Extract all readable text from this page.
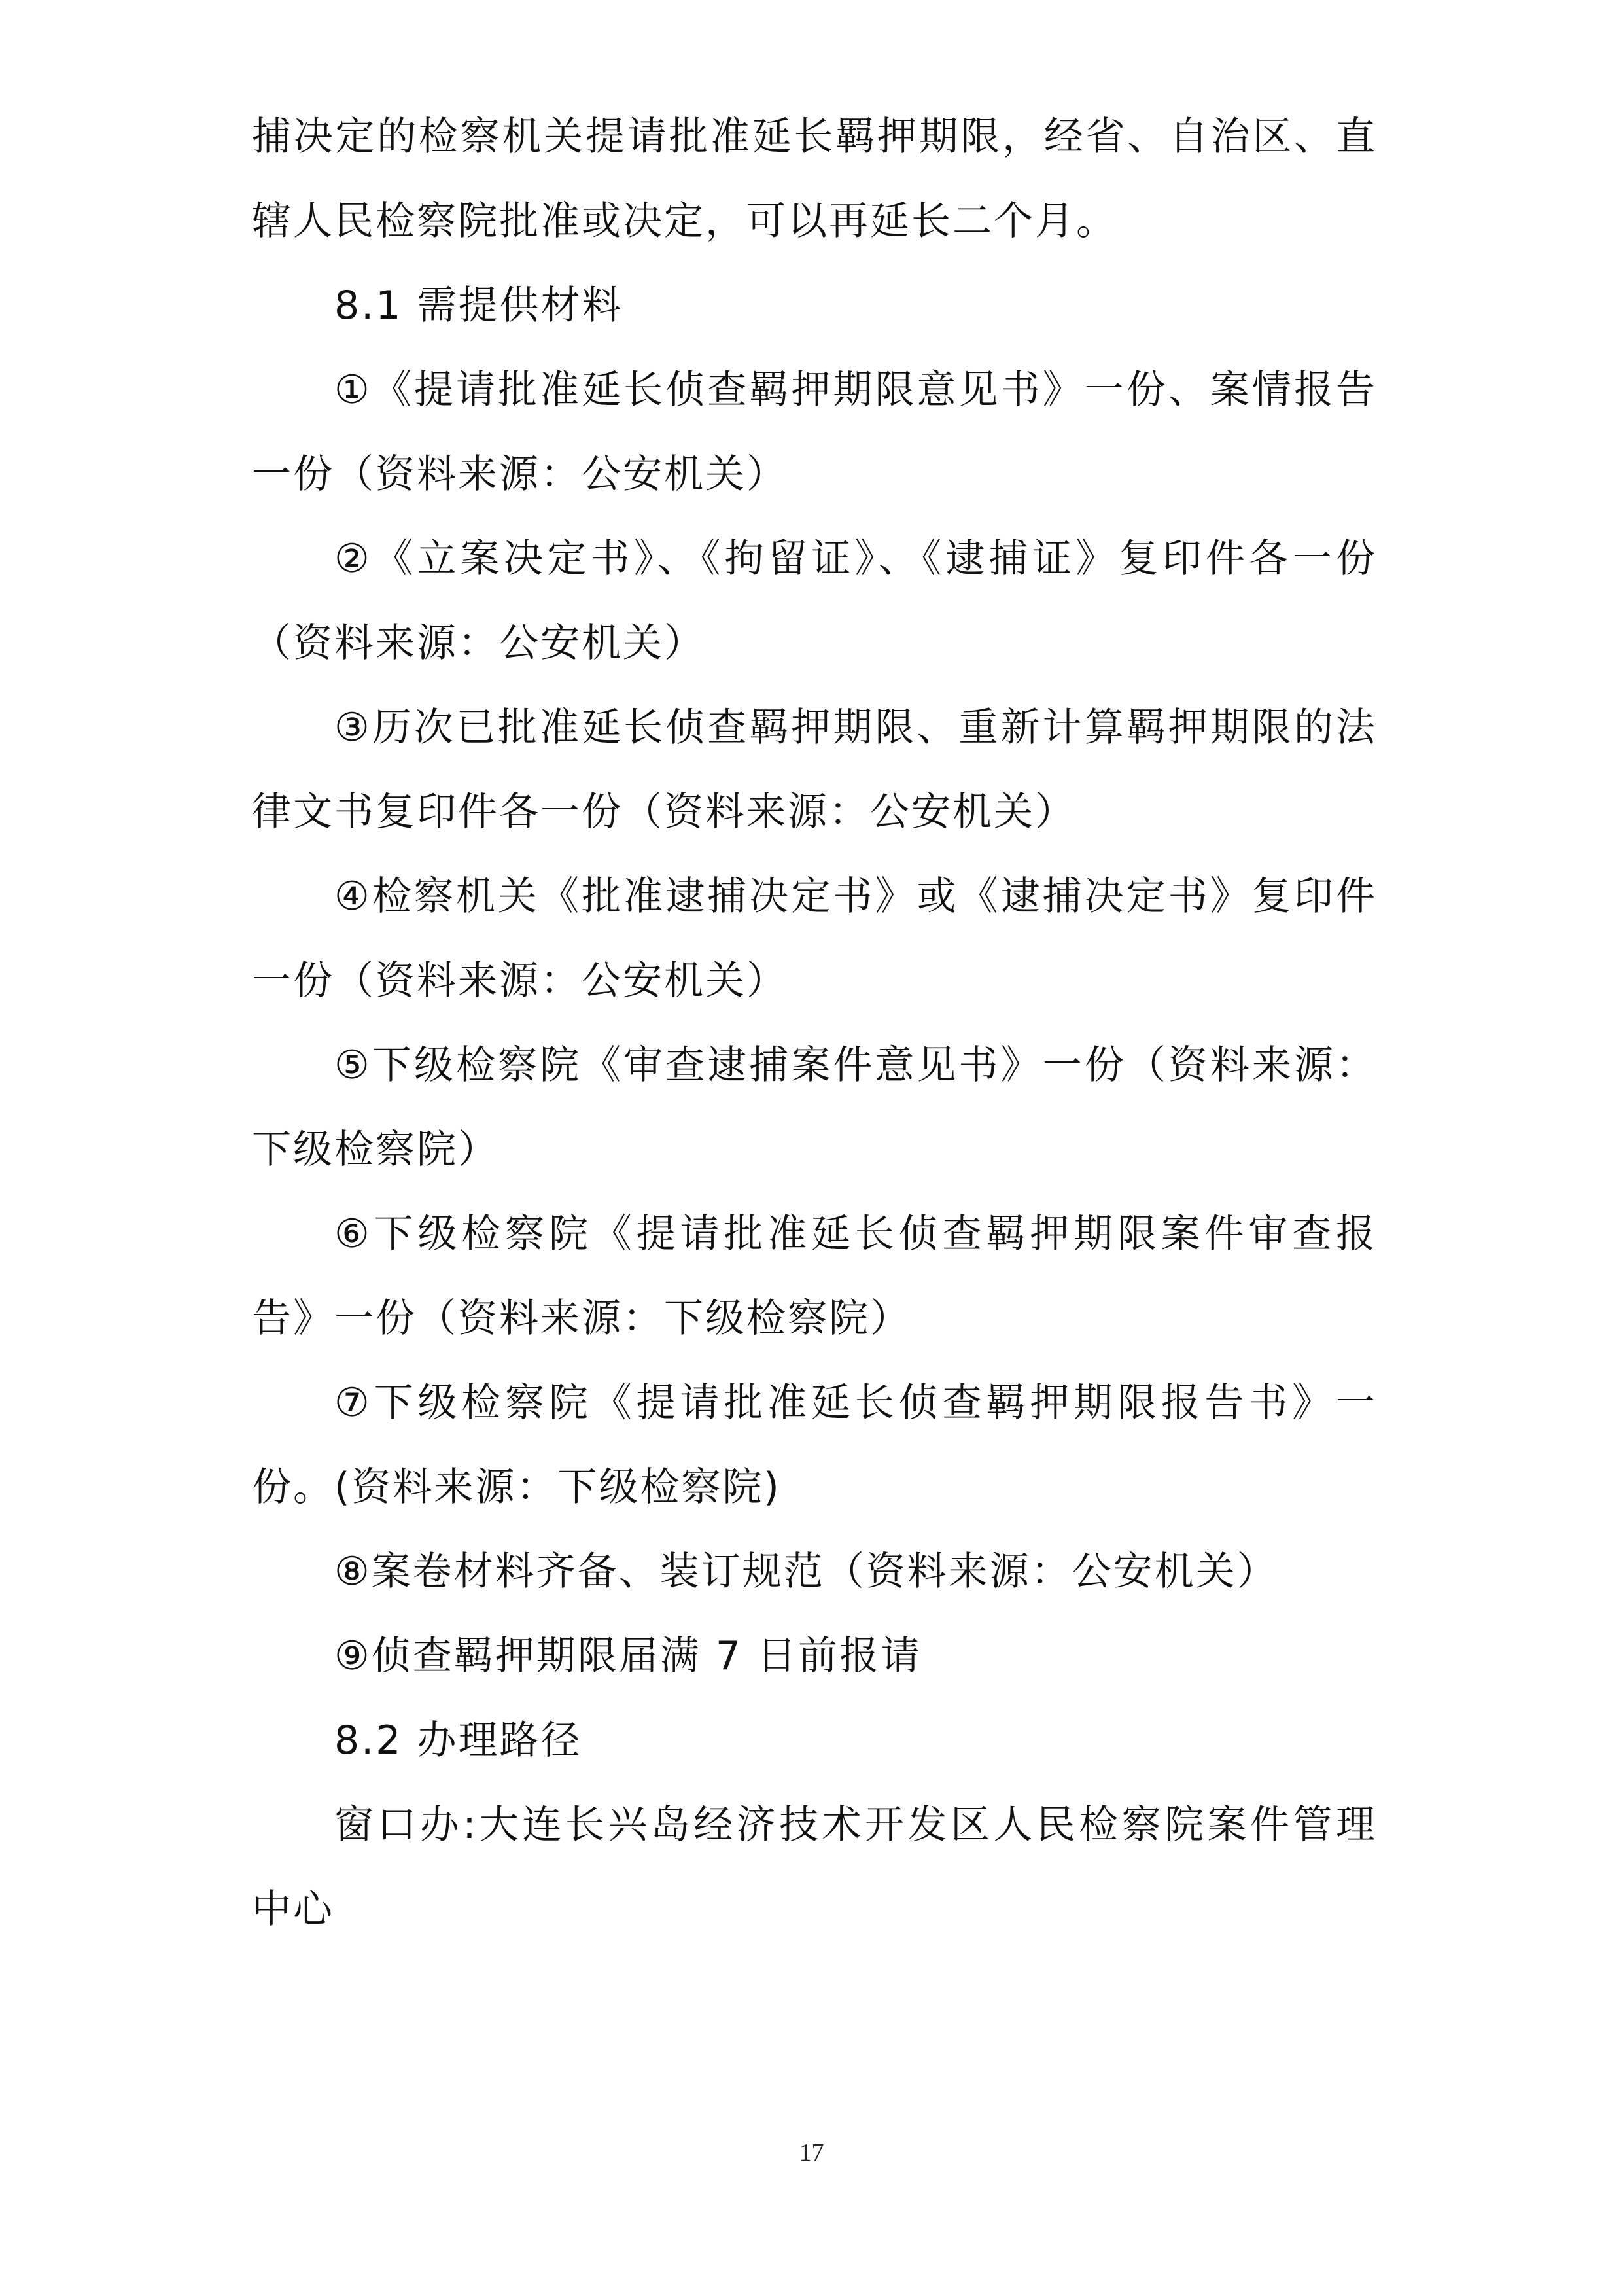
捕决定的检察机关提请批准延长羁押期限，经省、自治区、直辖人民检察院批准或决定，可以再延长二个月。

8.1 需提供材料

①《提请批准延长侦查羁押期限意见书》一份、案情报告一份（资料来源：公安机关）

②《立案决定书》、《拘留证》、《逮捕证》复印件各一份（资料来源：公安机关）

③历次已批准延长侦查羁押期限、重新计算羁押期限的法律文书复印件各一份（资料来源：公安机关）

④检察机关《批准逮捕决定书》或《逮捕决定书》复印件一份（资料来源：公安机关）

⑤下级检察院《审查逮捕案件意见书》一份（资料来源：下级检察院）

⑥下级检察院《提请批准延长侦查羁押期限案件审查报告》一份（资料来源：下级检察院）

⑦下级检察院《提请批准延长侦查羁押期限报告书》一份。(资料来源：下级检察院)

⑧案卷材料齐备、装订规范（资料来源：公安机关）

⑨侦查羁押期限届满 7 日前报请

8.2 办理路径

窗口办:大连长兴岛经济技术开发区人民检察院案件管理中心

17
